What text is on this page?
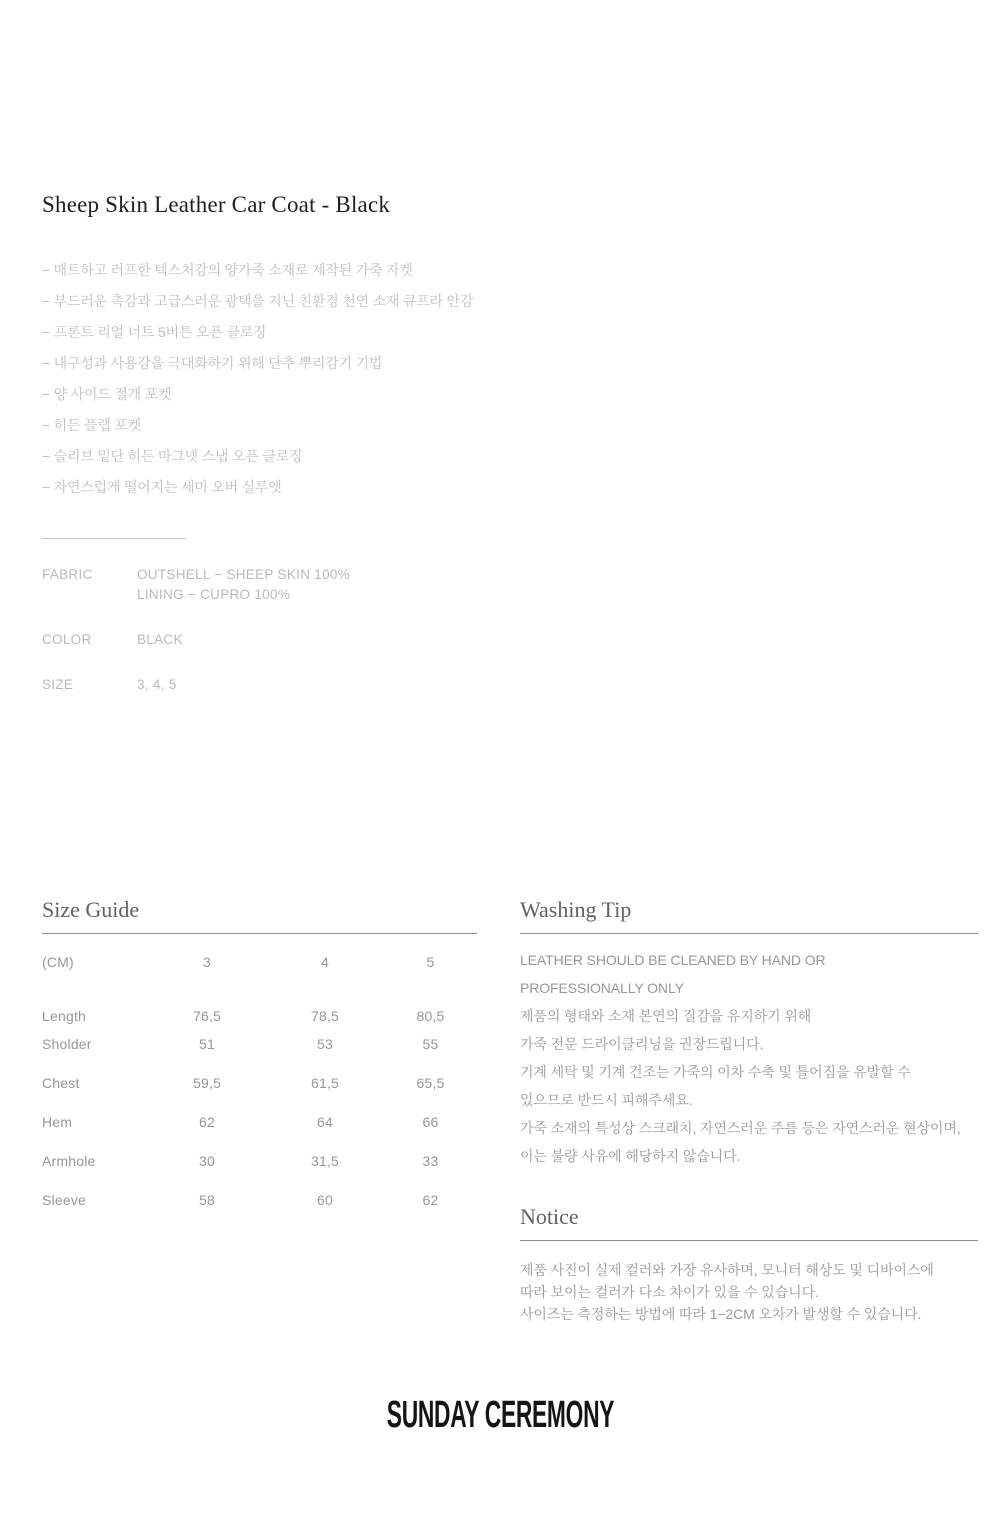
Sheep Skin Leather Car Coat - Black
− 매트하고 러프한 텍스처감의 양가죽 소재로 제작된 가죽 자켓
− 부드러운 촉감과 고급스러운 광택을 지닌 친환경 천연 소재 큐프라 안감
− 프론트 리얼 너트 5버튼 오픈 클로징
− 내구성과 사용감을 극대화하기 위해 단추 뿌리감기 기법
− 양 사이드 절개 포켓
− 히든 플랩 포켓
− 슬리브 밑단 히든 마그넷 스냅 오픈 클로징
− 자연스럽게 떨어지는 세미 오버 실루엣
FABRIC	OUTSHELL − SHEEP SKIN 100%
LINING − CUPRO 100%
COLOR	BLACK
SIZE	3, 4, 5
Size Guide
(CM)	3	4	5
Length	76,5	78,5	80,5
Sholder	51	53	55
Chest	59,5	61,5	65,5
Hem	62	64	66
Armhole	30	31,5	33
Sleeve	58	60	62
Washing Tip
LEATHER SHOULD BE CLEANED BY HAND OR
PROFESSIONALLY ONLY
제품의 형태와 소재 본연의 질감을 유지하기 위해
가죽 전문 드라이클리닝을 권장드립니다.
기계 세탁 및 기계 건조는 가죽의 이차 수축 및 틀어짐을 유발할 수
있으므로 반드시 피해주세요.
가죽 소재의 특성상 스크래치, 자연스러운 주름 등은 자연스러운 현상이며,
이는 불량 사유에 해당하지 않습니다.
Notice
제품 사진이 실제 컬러와 가장 유사하며, 모니터 해상도 및 디바이스에
따라 보이는 컬러가 다소 차이가 있을 수 있습니다.
사이즈는 측정하는 방법에 따라 1−2CM 오차가 발생할 수 있습니다.
SUNDAY CEREMONY
